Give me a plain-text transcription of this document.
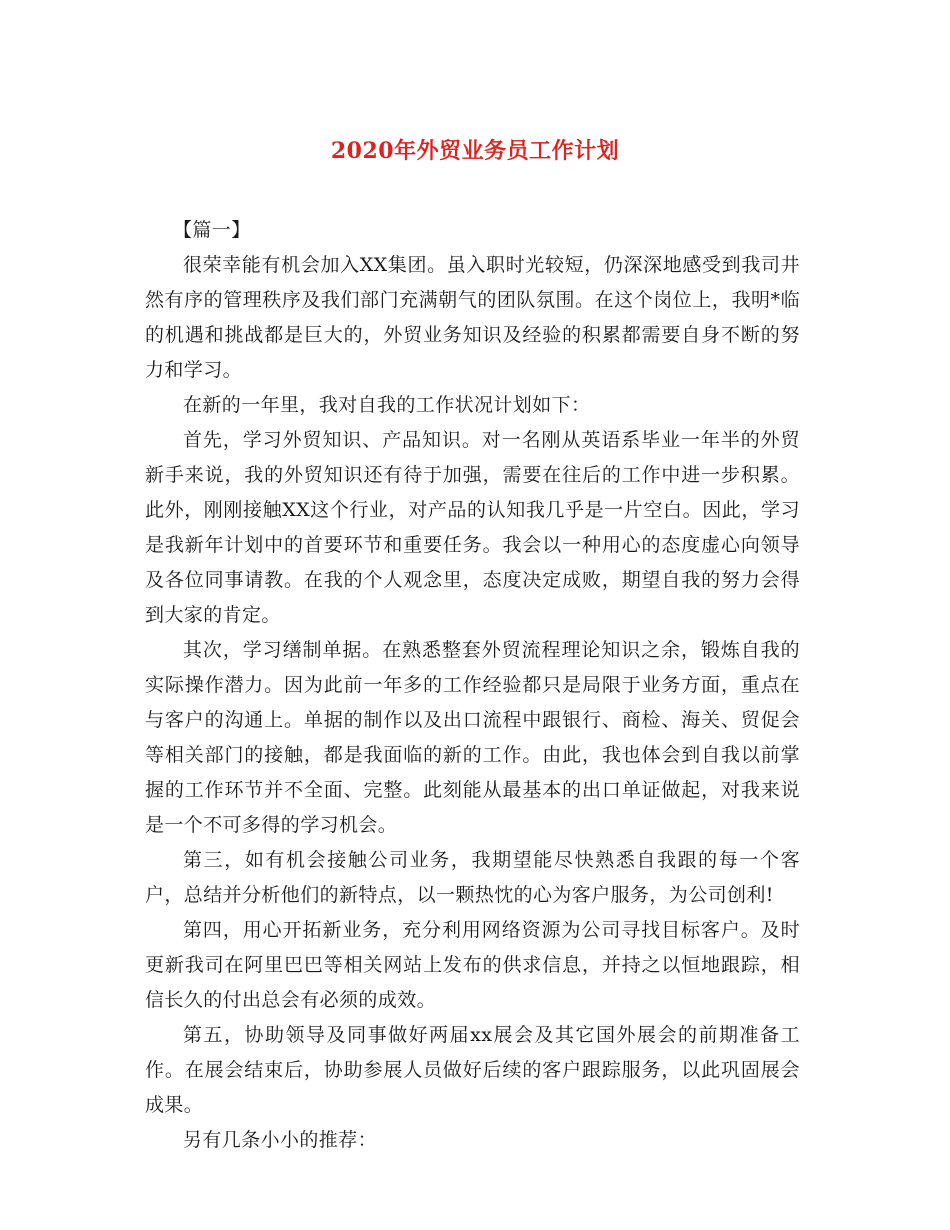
2020年外贸业务员工作计划

【篇一】

很荣幸能有机会加入XX集团。虽入职时光较短，仍深深地感受到我司井然有序的管理秩序及我们部门充满朝气的团队氛围。在这个岗位上，我明*临的机遇和挑战都是巨大的，外贸业务知识及经验的积累都需要自身不断的努力和学习。

在新的一年里，我对自我的工作状况计划如下：

首先，学习外贸知识、产品知识。对一名刚从英语系毕业一年半的外贸新手来说，我的外贸知识还有待于加强，需要在往后的工作中进一步积累。此外，刚刚接触XX这个行业，对产品的认知我几乎是一片空白。因此，学习是我新年计划中的首要环节和重要任务。我会以一种用心的态度虚心向领导及各位同事请教。在我的个人观念里，态度决定成败，期望自我的努力会得到大家的肯定。

其次，学习缮制单据。在熟悉整套外贸流程理论知识之余，锻炼自我的实际操作潜力。因为此前一年多的工作经验都只是局限于业务方面，重点在与客户的沟通上。单据的制作以及出口流程中跟银行、商检、海关、贸促会等相关部门的接触，都是我面临的新的工作。由此，我也体会到自我以前掌握的工作环节并不全面、完整。此刻能从最基本的出口单证做起，对我来说是一个不可多得的学习机会。

第三，如有机会接触公司业务，我期望能尽快熟悉自我跟的每一个客户，总结并分析他们的新特点，以一颗热忱的心为客户服务，为公司创利!

第四，用心开拓新业务，充分利用网络资源为公司寻找目标客户。及时更新我司在阿里巴巴等相关网站上发布的供求信息，并持之以恒地跟踪，相信长久的付出总会有必须的成效。

第五，协助领导及同事做好两届xx展会及其它国外展会的前期准备工作。在展会结束后，协助参展人员做好后续的客户跟踪服务，以此巩固展会成果。

另有几条小小的推荐：
